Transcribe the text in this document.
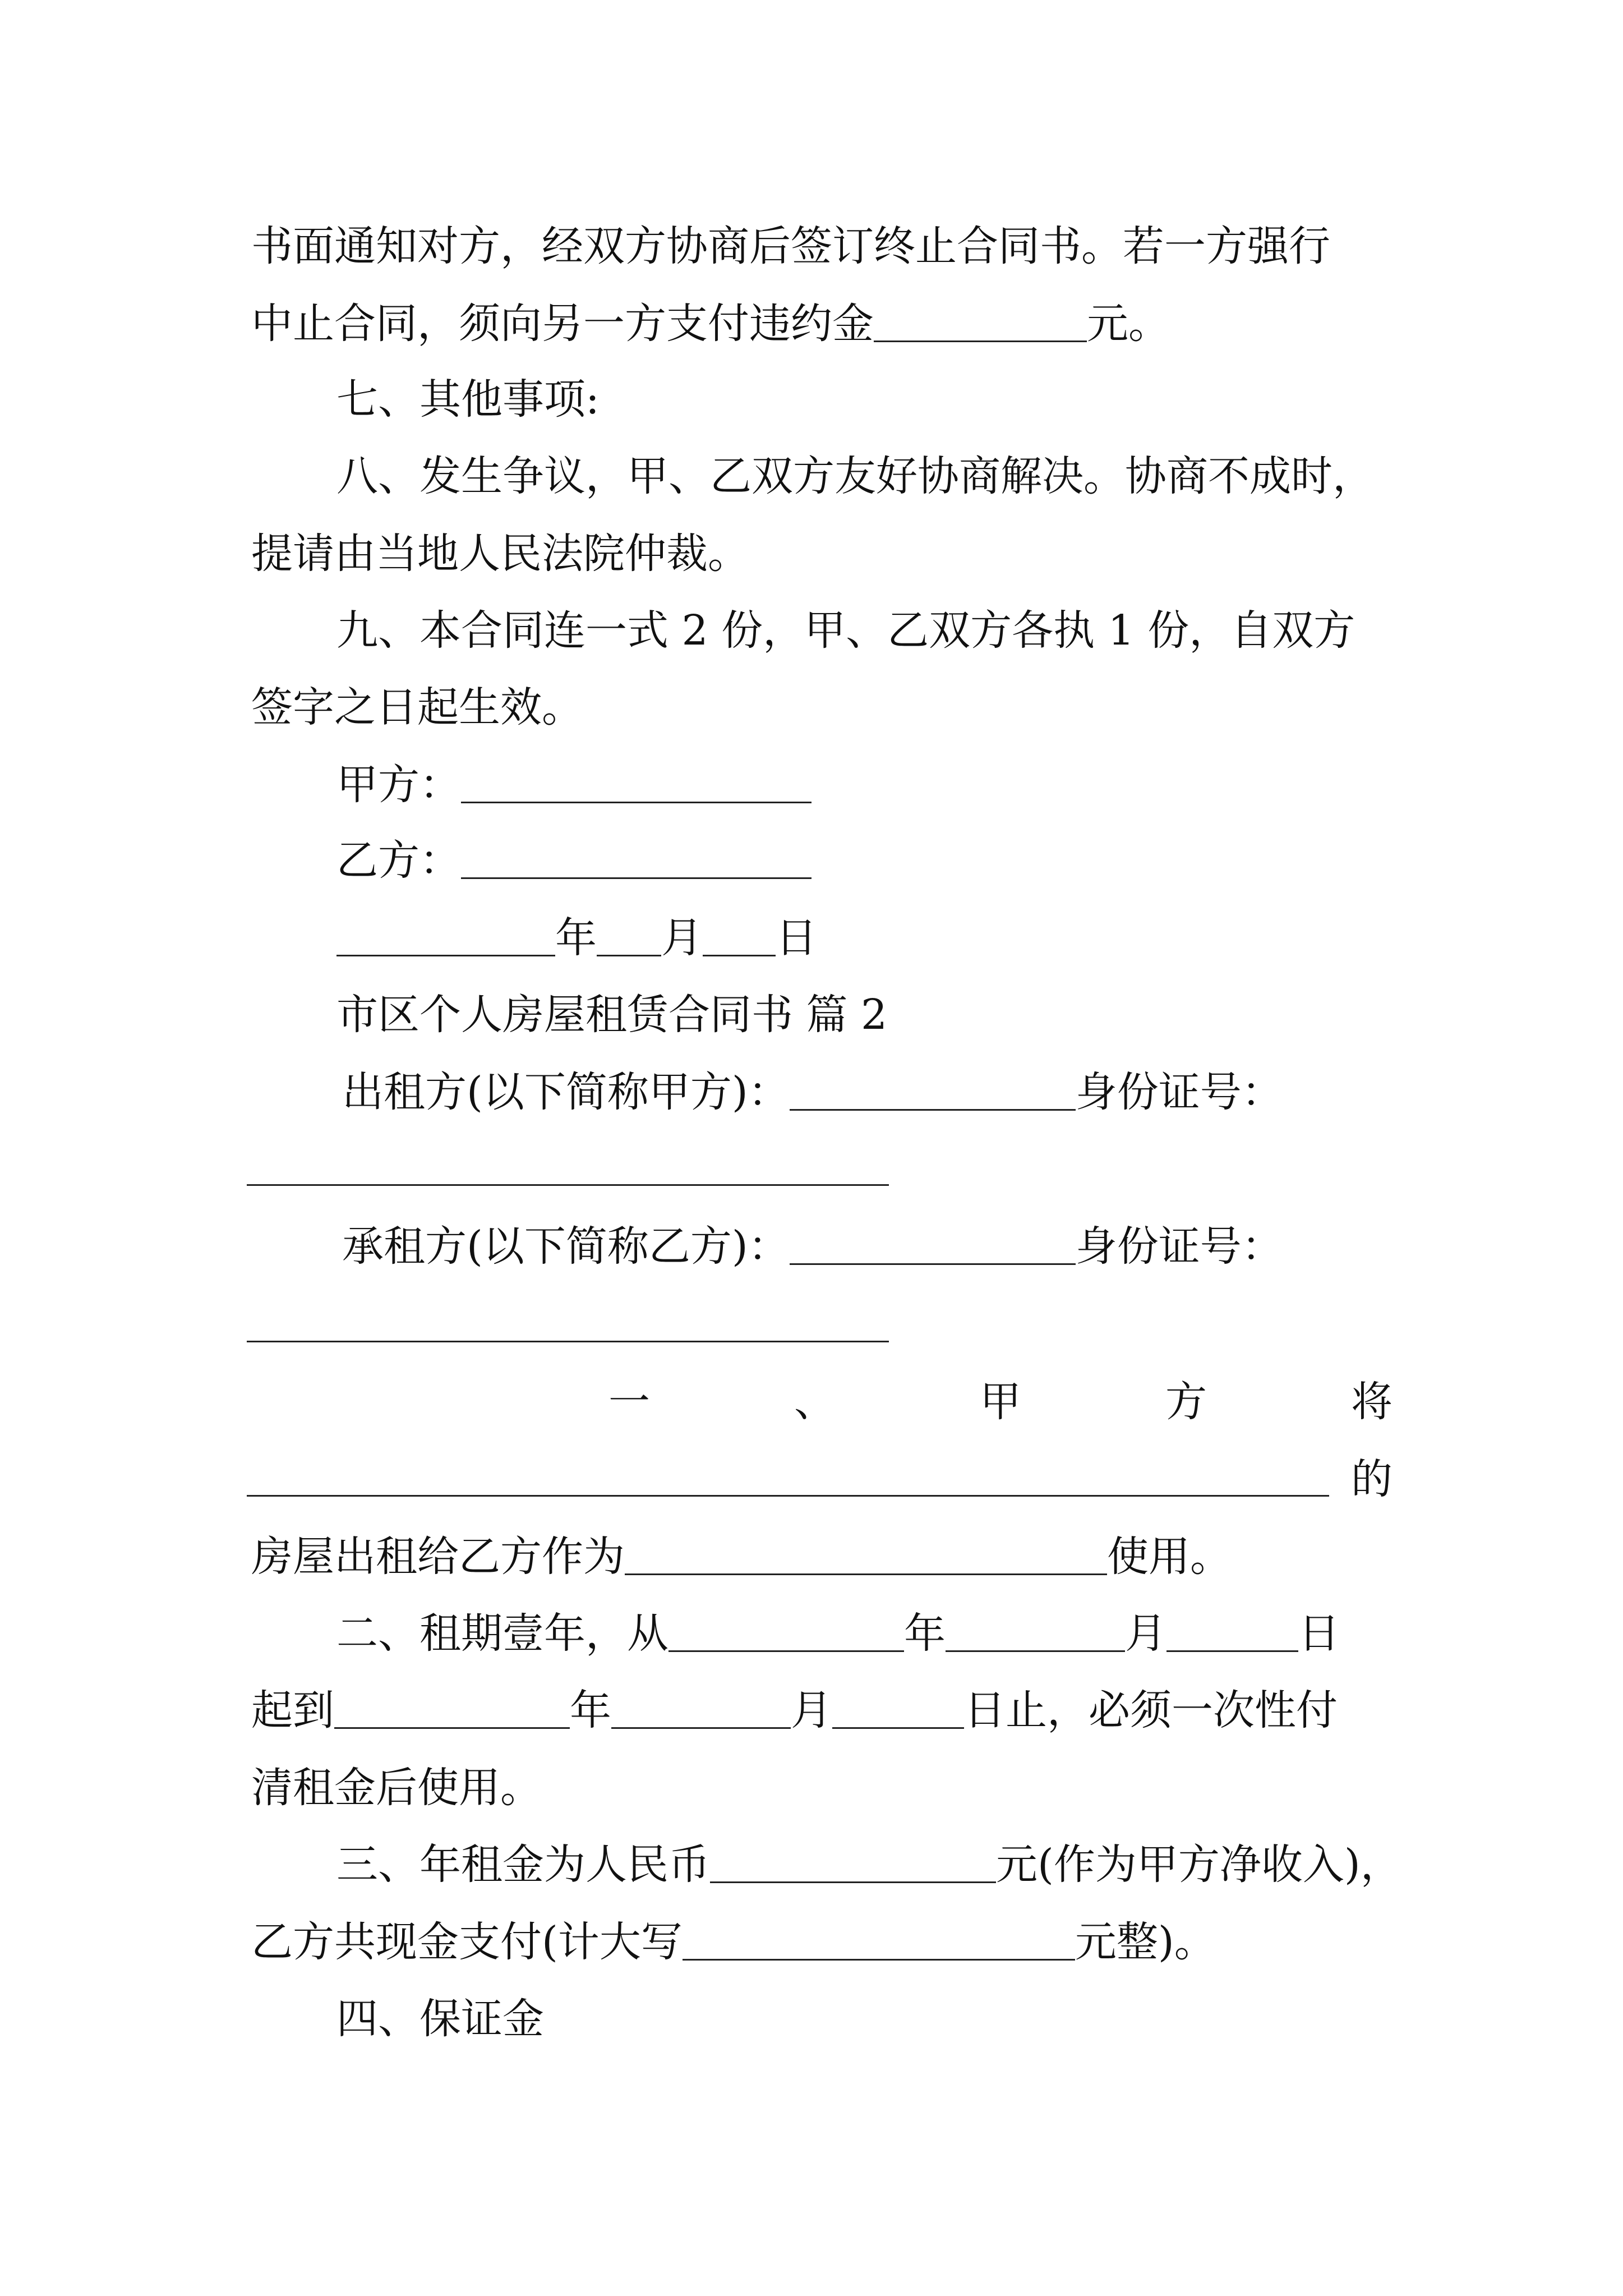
书面通知对方，经双方协商后签订终止合同书。若一方强行
中止合同，须向另一方支付违约金	元。
七、其他事项:
八、发生争议，甲、乙双方友好协商解决。协商不成时，
提请由当地人民法院仲裁。
九、本合同连一式 2 份，甲、乙双方各执 1 份，自双方
签字之日起生效。
甲方：
乙方：
年 月 日
市区个人房屋租赁合同书 篇 2
出租方(以下简称甲方)：	身份证号：
承租方(以下简称乙方)：	身份证号：
一	、	甲	方	将
的
房屋出租给乙方作为	使用。
二、租期壹年，从	年	月	日
起到	年	月	日止，必须一次性付
清租金后使用。
三、年租金为人民币	元(作为甲方净收入)，
乙方共现金支付(计大写	元整)。
四、保证金
